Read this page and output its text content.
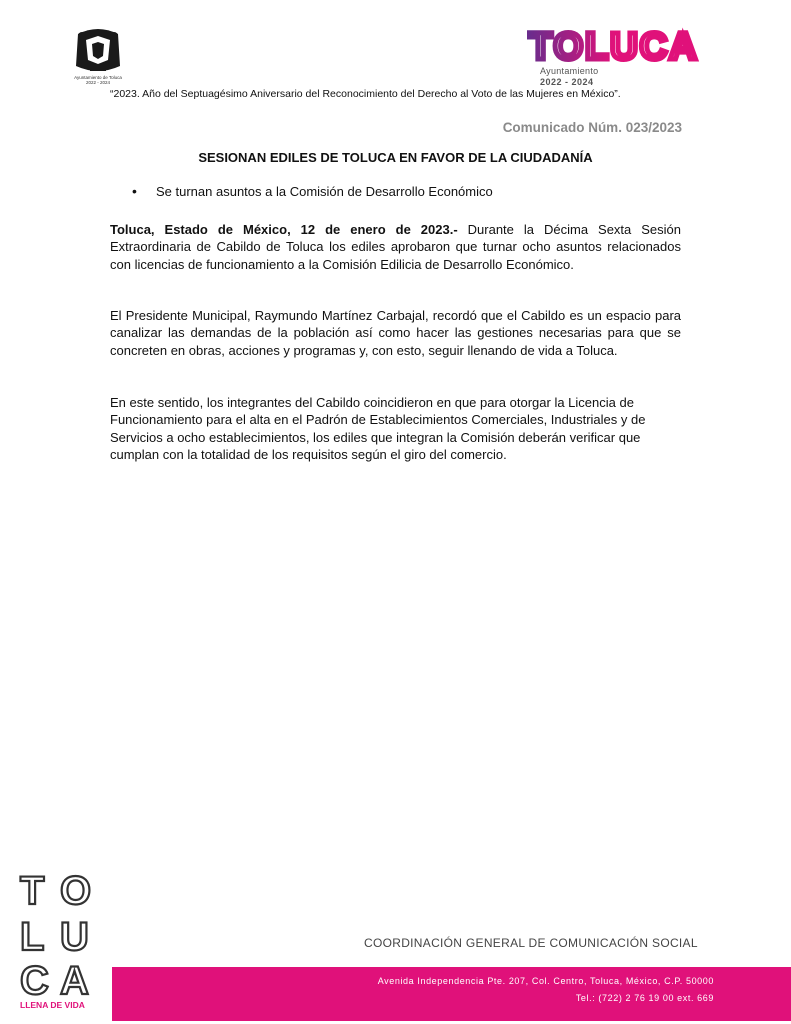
Ayuntamiento de Toluca
2022 - 2024
TOLUCA
Ayuntamiento
2022 - 2024
“2023. Año del Septuagésimo Aniversario del Reconocimiento del Derecho al Voto de las Mujeres en México”.
Comunicado Núm. 023/2023
SESIONAN EDILES DE TOLUCA EN FAVOR DE LA CIUDADANÍA
• Se turnan asuntos a la Comisión de Desarrollo Económico

Toluca, Estado de México, 12 de enero de 2023.- Durante la Décima Sexta Sesión Extraordinaria de Cabildo de Toluca los ediles aprobaron que turnar ocho asuntos relacionados con licencias de funcionamiento a la Comisión Edilicia de Desarrollo Económico.

El Presidente Municipal, Raymundo Martínez Carbajal, recordó que el Cabildo es un espacio para canalizar las demandas de la población así como hacer las gestiones necesarias para que se concreten en obras, acciones y programas y, con esto, seguir llenando de vida a Toluca.

En este sentido, los integrantes del Cabildo coincidieron en que para otorgar la Licencia de Funcionamiento para el alta en el Padrón de Establecimientos Comerciales, Industriales y de Servicios a ocho establecimientos, los ediles que integran la Comisión deberán verificar que cumplan con la totalidad de los requisitos según el giro del comercio.

T O
L U
C A
LLENA DE VIDA
COORDINACIÓN GENERAL DE COMUNICACIÓN SOCIAL
Avenida Independencia Pte. 207, Col. Centro, Toluca, México, C.P. 50000
Tel.: (722) 2 76 19 00 ext. 669
